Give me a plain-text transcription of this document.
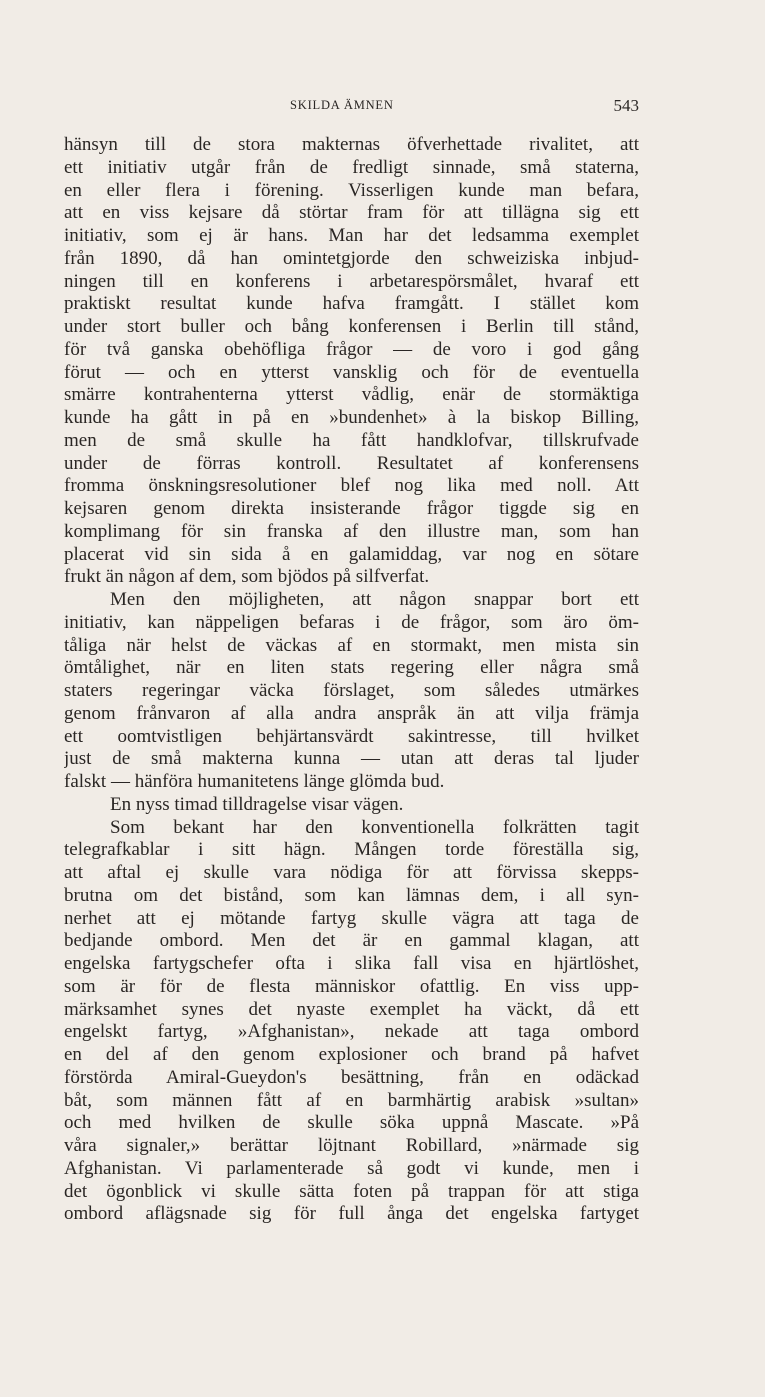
SKILDA ÄMNEN	543
hänsyn till de stora makternas öfverhettade rivalitet, att
ett initiativ utgår från de fredligt sinnade, små staterna,
en eller flera i förening. Visserligen kunde man befara,
att en viss kejsare då störtar fram för att tillägna sig ett
initiativ, som ej är hans. Man har det ledsamma exemplet
från 1890, då han omintetgjorde den schweiziska inbjud-
ningen till en konferens i arbetarespörsmålet, hvaraf ett
praktiskt resultat kunde hafva framgått. I stället kom
under stort buller och bång konferensen i Berlin till stånd,
för två ganska obehöfliga frågor — de voro i god gång
förut — och en ytterst vansklig och för de eventuella
smärre kontrahenterna ytterst vådlig, enär de stormäktiga
kunde ha gått in på en »bundenhet» à la biskop Billing,
men de små skulle ha fått handklofvar, tillskrufvade
under de förras kontroll. Resultatet af konferensens
fromma önskningsresolutioner blef nog lika med noll. Att
kejsaren genom direkta insisterande frågor tiggde sig en
komplimang för sin franska af den illustre man, som han
placerat vid sin sida å en galamiddag, var nog en sötare
frukt än någon af dem, som bjödos på silfverfat.
Men den möjligheten, att någon snappar bort ett
initiativ, kan näppeligen befaras i de frågor, som äro öm-
tåliga när helst de väckas af en stormakt, men mista sin
ömtålighet, när en liten stats regering eller några små
staters regeringar väcka förslaget, som således utmärkes
genom frånvaron af alla andra anspråk än att vilja främja
ett oomtvistligen behjärtansvärdt sakintresse, till hvilket
just de små makterna kunna — utan att deras tal ljuder
falskt — hänföra humanitetens länge glömda bud.
En nyss timad tilldragelse visar vägen.
Som bekant har den konventionella folkrätten tagit
telegrafkablar i sitt hägn. Mången torde föreställa sig,
att aftal ej skulle vara nödiga för att förvissa skepps-
brutna om det bistånd, som kan lämnas dem, i all syn-
nerhet att ej mötande fartyg skulle vägra att taga de
bedjande ombord. Men det är en gammal klagan, att
engelska fartygschefer ofta i slika fall visa en hjärtlöshet,
som är för de flesta människor ofattlig. En viss upp-
märksamhet synes det nyaste exemplet ha väckt, då ett
engelskt fartyg, »Afghanistan», nekade att taga ombord
en del af den genom explosioner och brand på hafvet
förstörda Amiral-Gueydon's besättning, från en odäckad
båt, som männen fått af en barmhärtig arabisk »sultan»
och med hvilken de skulle söka uppnå Mascate. »På
våra signaler,» berättar löjtnant Robillard, »närmade sig
Afghanistan. Vi parlamenterade så godt vi kunde, men i
det ögonblick vi skulle sätta foten på trappan för att stiga
ombord aflägsnade sig för full ånga det engelska fartyget
